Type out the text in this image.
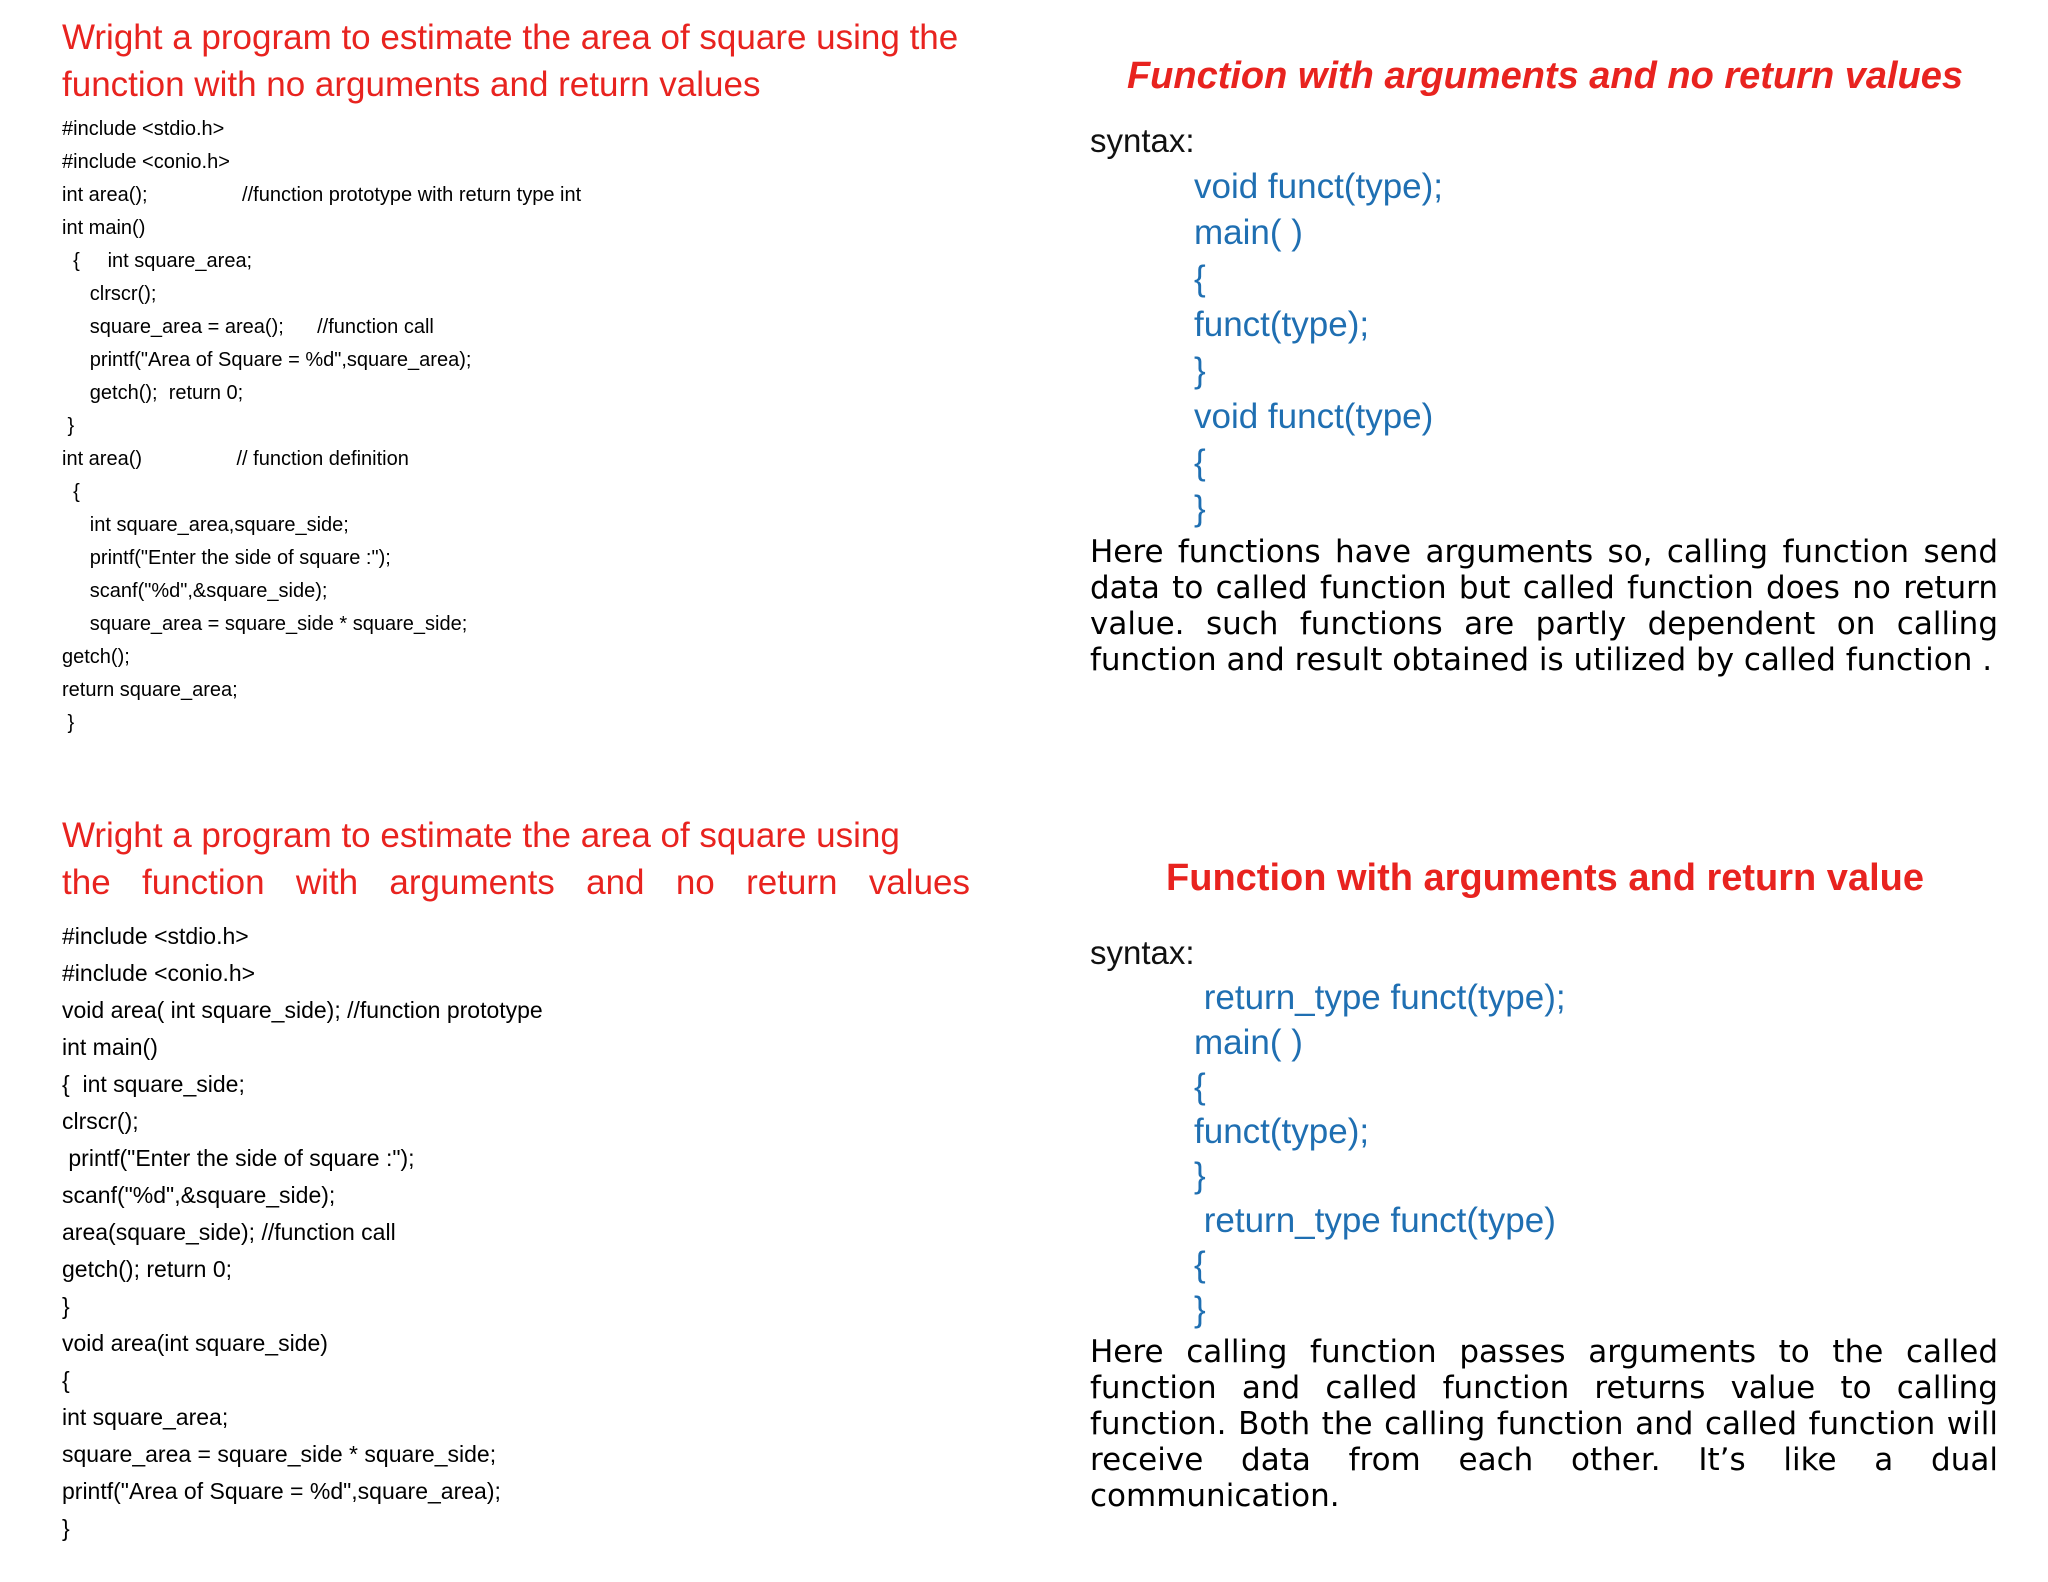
Wright a program to estimate the area of square using the function with no arguments and return values
#include <stdio.h>
#include <conio.h>
int area();                 //function prototype with return type int
int main()
{     int square_area;
clrscr();
square_area = area();      //function call
printf("Area of Square = %d",square_area);
getch();  return 0;
}
int area()                 // function definition
{
int square_area,square_side;
printf("Enter the side of square :");
scanf("%d",&square_side);
square_area = square_side * square_side;
getch();
return square_area;
}
Wright a program to estimate the area of square using
the function with arguments and no return values
#include <stdio.h>
#include <conio.h>
void area( int square_side); //function prototype
int main()
{  int square_side;
clrscr();
printf("Enter the side of square :");
scanf("%d",&square_side);
area(square_side); //function call
getch(); return 0;
}
void area(int square_side)
{
int square_area;
square_area = square_side * square_side;
printf("Area of Square = %d",square_area);
}
Function with arguments and no return values
syntax:
void funct(type);
main( )
{
funct(type);
}
void funct(type)
{
}
Here functions have arguments so, calling function send data to called function but called function does no return value. such functions are partly dependent on calling function and result obtained is utilized by called function .
Function with arguments and return value
syntax:
return_type funct(type);
main( )
{
funct(type);
}
return_type funct(type)
{
}
Here calling function passes arguments to the called function and called function returns value to calling function. Both the calling function and called function will receive data from each other. It’s like a dual communication.
